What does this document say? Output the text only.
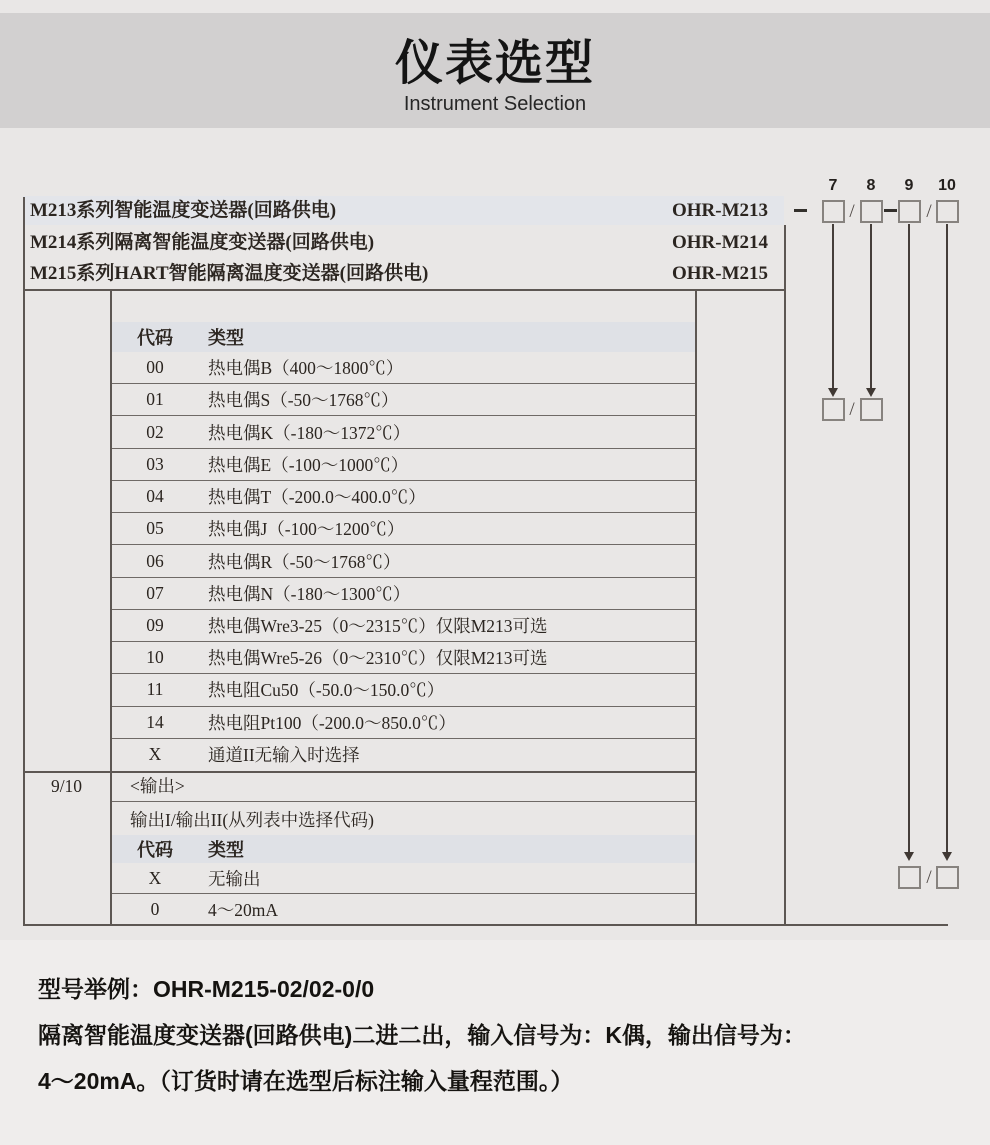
仪表选型
Instrument Selection
M213系列智能温度变送器(回路供电)	OHR-M213
M214系列隔离智能温度变送器(回路供电)	OHR-M214
M215系列HART智能隔离温度变送器(回路供电)	OHR-M215
7 8 9 10
/	/
/
/
代码	类型
00	热电偶B（400～1800℃）
01	热电偶S（-50～1768℃）
02	热电偶K（-180～1372℃）
03	热电偶E（-100～1000℃）
04	热电偶T（-200.0～400.0℃）
05	热电偶J（-100～1200℃）
06	热电偶R（-50～1768℃）
07	热电偶N（-180～1300℃）
09	热电偶Wre3-25（0～2315℃）仅限M213可选
10	热电偶Wre5-26（0～2310℃）仅限M213可选
11	热电阻Cu50（-50.0～150.0℃）
14	热电阻Pt100（-200.0～850.0℃）
X	通道II无输入时选择
9/10	<输出>
输出I/输出II(从列表中选择代码)
代码	类型
X	无输出
0	4～20mA
型号举例：OHR-M215-02/02-0/0
隔离智能温度变送器(回路供电)二进二出，输入信号为：K偶，输出信号为：
4～20mA。（订货时请在选型后标注输入量程范围。）
